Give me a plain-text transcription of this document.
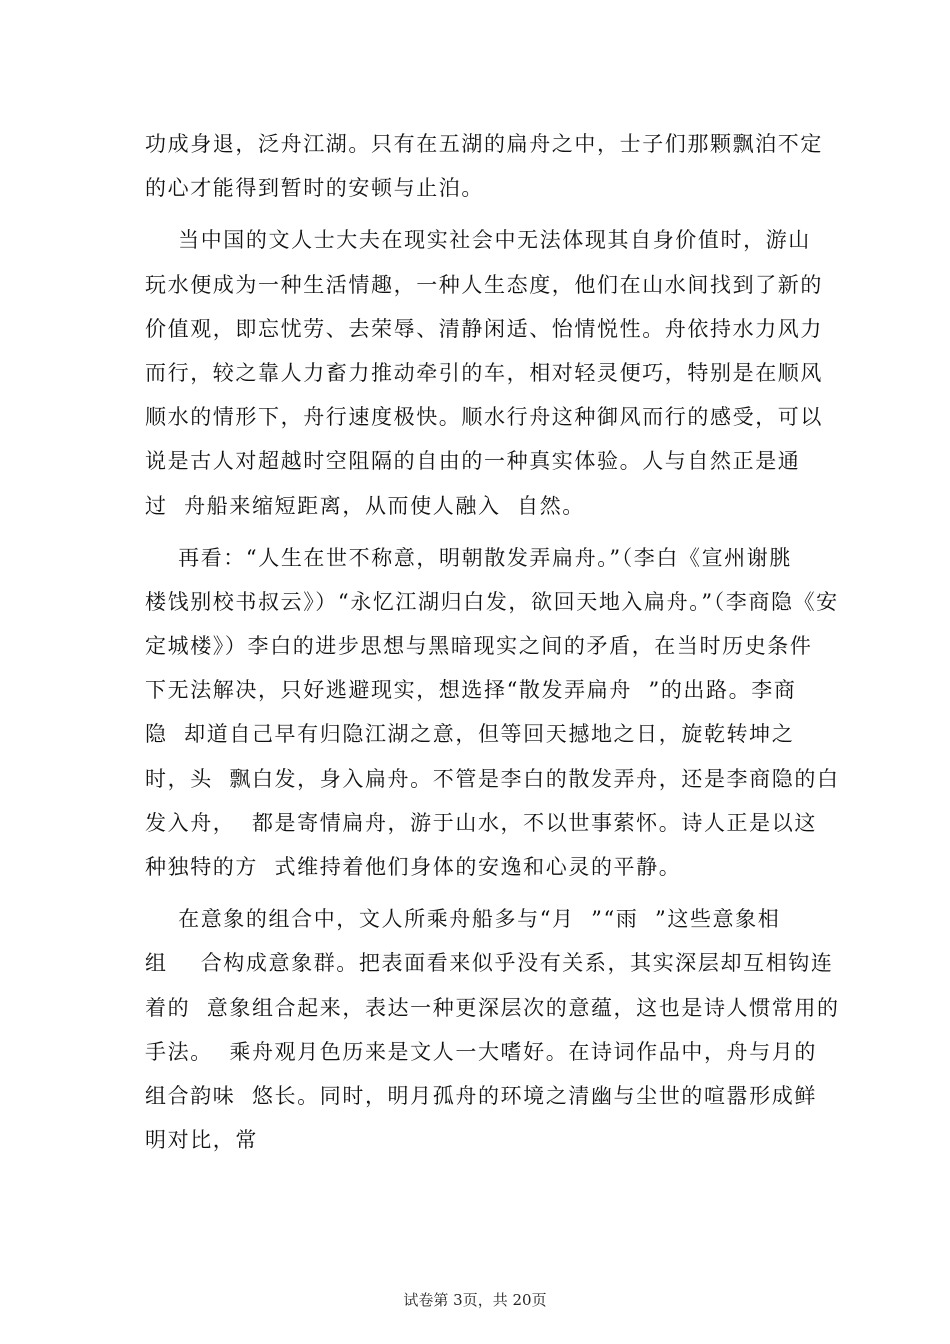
功成身退，泛舟江湖。只有在五湖的扁舟之中，士子们那颗飘泊不定
的心才能得到暂时的安顿与止泊。
当中国的文人士大夫在现实社会中无法体现其自身价值时，游山
玩水便成为一种生活情趣，一种人生态度，他们在山水间找到了新的
价值观，即忘忧劳、去荣辱、清静闲适、怡情悦性。舟依持水力风力
而行，较之靠人力畜力推动牵引的车，相对轻灵便巧，特别是在顺风
顺水的情形下，舟行速度极快。顺水行舟这种御风而行的感受，可以
说是古人对超越时空阻隔的自由的一种真实体验。人与自然正是通
过  舟船来缩短距离，从而使人融入  自然。
再看：“人生在世不称意，明朝散发弄扁舟。”（李白《宣州谢朓
楼饯别校书叔云》）“永忆江湖归白发，欲回天地入扁舟。”（李商隐《安
定城楼》）李白的进步思想与黑暗现实之间的矛盾，在当时历史条件
下无法解决，只好逃避现实，想选择“散发弄扁舟  ”的出路。李商
隐  却道自己早有归隐江湖之意，但等回天撼地之日，旋乾转坤之
时，头  飘白发，身入扁舟。不管是李白的散发弄舟，还是李商隐的白
发入舟，  都是寄情扁舟，游于山水，不以世事萦怀。诗人正是以这
种独特的方  式维持着他们身体的安逸和心灵的平静。
在意象的组合中，文人所乘舟船多与“月  ”“雨  ”这些意象相
组    合构成意象群。把表面看来似乎没有关系，其实深层却互相钩连
着的  意象组合起来，表达一种更深层次的意蕴，这也是诗人惯常用的
手法。  乘舟观月色历来是文人一大嗜好。在诗词作品中，舟与月的
组合韵味  悠长。同时，明月孤舟的环境之清幽与尘世的喧嚣形成鲜
明对比，常
试卷第 3页，共 20页
